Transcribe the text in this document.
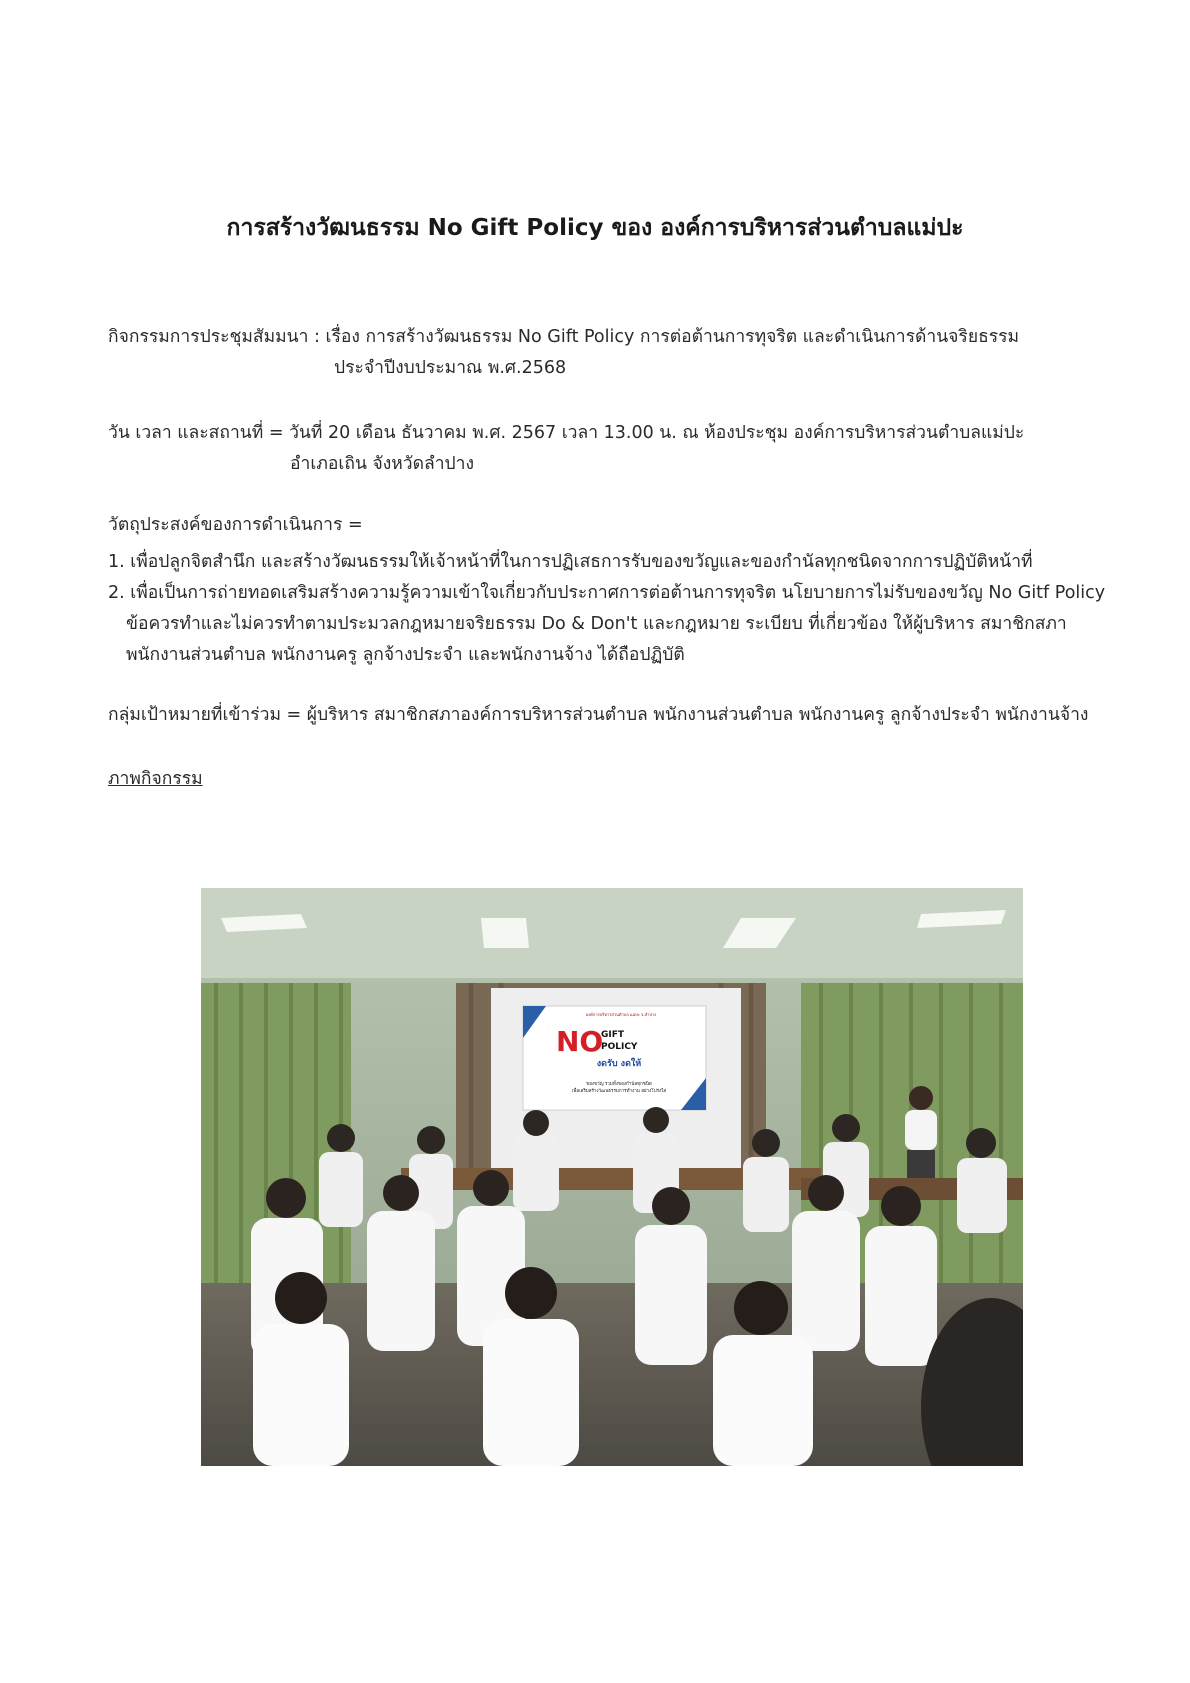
การสร้างวัฒนธรรม No Gift Policy ของ องค์การบริหารส่วนตำบลแม่ปะ
กิจกรรมการประชุมสัมมนา : เรื่อง การสร้างวัฒนธรรม No Gift Policy การต่อต้านการทุจริต และดำเนินการด้านจริยธรรม
ประจำปีงบประมาณ พ.ศ.2568
วัน เวลา และสถานที่ = วันที่ 20 เดือน ธันวาคม พ.ศ. 2567 เวลา 13.00 น. ณ ห้องประชุม องค์การบริหารส่วนตำบลแม่ปะ
อำเภอเถิน จังหวัดลำปาง
วัตถุประสงค์ของการดำเนินการ =
1. เพื่อปลูกจิตสำนึก และสร้างวัฒนธรรมให้เจ้าหน้าที่ในการปฏิเสธการรับของขวัญและของกำนัลทุกชนิดจากการปฏิบัติหน้าที่
2. เพื่อเป็นการถ่ายทอดเสริมสร้างความรู้ความเข้าใจเกี่ยวกับประกาศการต่อต้านการทุจริต นโยบายการไม่รับของขวัญ No Gitf Policy
ข้อควรทำและไม่ควรทำตามประมวลกฎหมายจริยธรรม Do & Don't และกฎหมาย ระเบียบ ที่เกี่ยวข้อง ให้ผู้บริหาร สมาชิกสภา
พนักงานส่วนตำบล พนักงานครู ลูกจ้างประจำ และพนักงานจ้าง ได้ถือปฏิบัติ
กลุ่มเป้าหมายที่เข้าร่วม = ผู้บริหาร สมาชิกสภาองค์การบริหารส่วนตำบล พนักงานส่วนตำบล พนักงานครู ลูกจ้างประจำ พนักงานจ้าง
ภาพกิจกรรม
องค์การบริหารส่วนตำบล แม่ปะ จ.ลำปาง
NO
GIFT
POLICY
งดรับ งดให้
ของขวัญ รวมทั้งของกำนัลทุกชนิด
เพื่อเสริมสร้างวัฒนธรรมการทำงาน อย่างโปร่งใส
